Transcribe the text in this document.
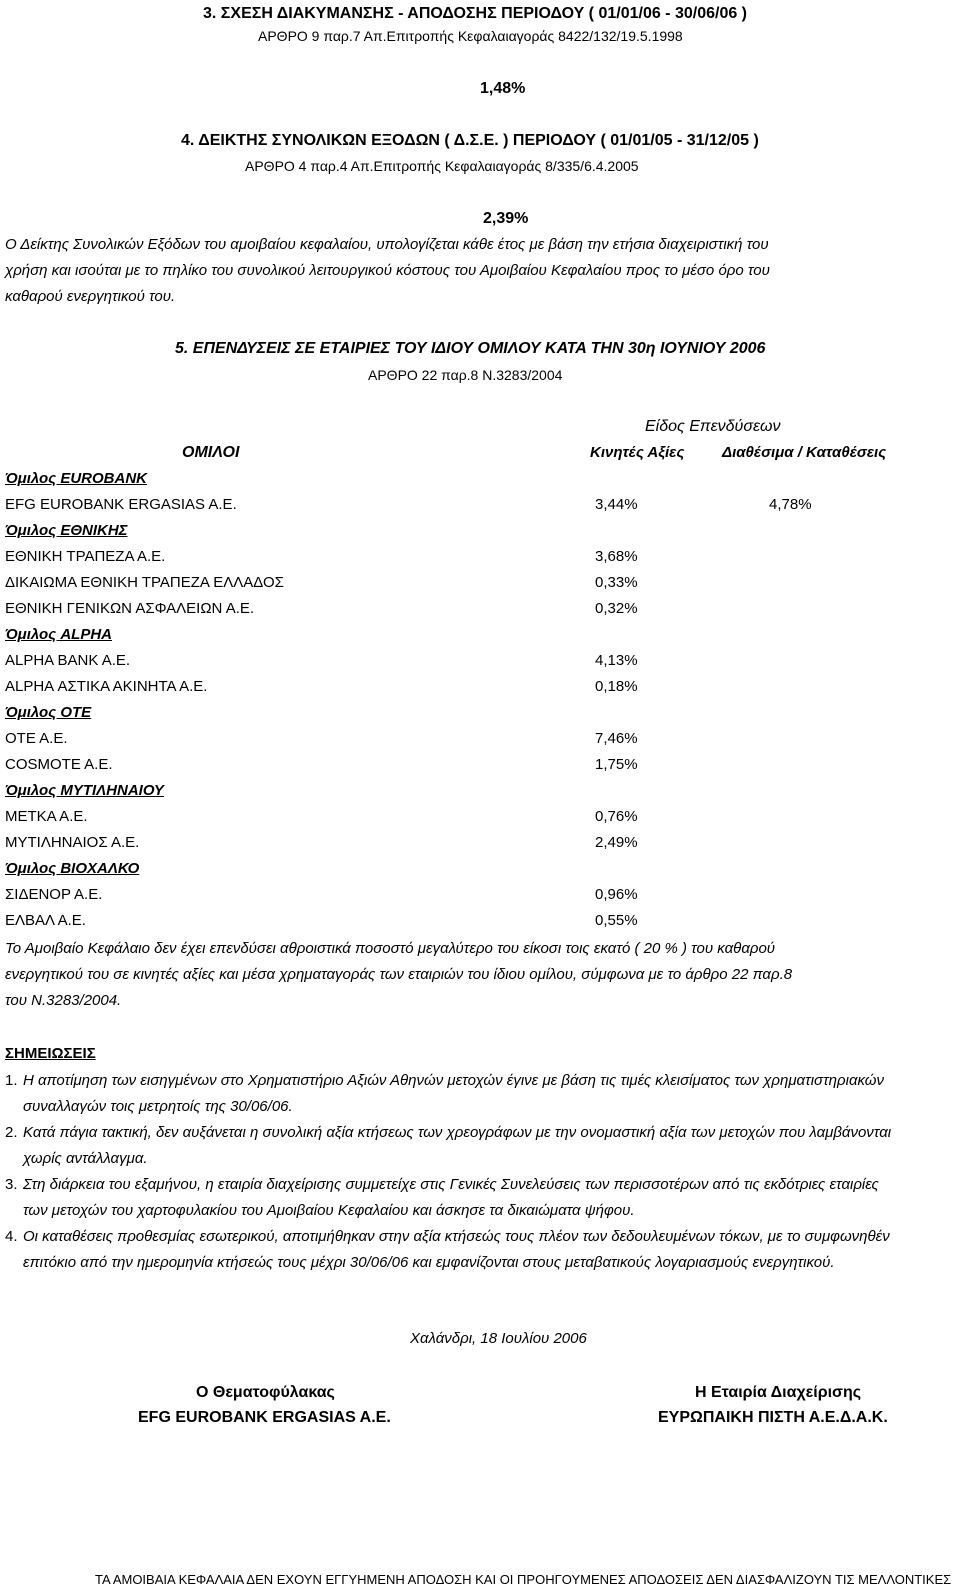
3. ΣΧΕΣΗ ΔΙΑΚΥΜΑΝΣΗΣ - ΑΠΟΔΟΣΗΣ ΠΕΡΙΟΔΟΥ ( 01/01/06 - 30/06/06 )
ΑΡΘΡΟ 9 παρ.7 Απ.Επιτροπής Κεφαλαιαγοράς 8422/132/19.5.1998
1,48%
4. ΔΕΙΚΤΗΣ ΣΥΝΟΛΙΚΩΝ ΕΞΟΔΩΝ ( Δ.Σ.Ε. ) ΠΕΡΙΟΔΟΥ ( 01/01/05 - 31/12/05 )
ΑΡΘΡΟ 4 παρ.4 Απ.Επιτροπής Κεφαλαιαγοράς 8/335/6.4.2005
2,39%
Ο Δείκτης Συνολικών Εξόδων του αμοιβαίου κεφαλαίου, υπολογίζεται κάθε έτος με βάση την ετήσια διαχειριστική του χρήση και ισούται με το πηλίκο του συνολικού λειτουργικού κόστους του Αμοιβαίου Κεφαλαίου προς το μέσο όρο του καθαρού ενεργητικού του.
5. ΕΠΕΝΔΥΣΕΙΣ ΣΕ ΕΤΑΙΡΙΕΣ ΤΟΥ ΙΔΙΟΥ ΟΜΙΛΟΥ ΚΑΤΑ ΤΗΝ 30η ΙΟΥΝΙΟΥ 2006
ΑΡΘΡΟ 22 παρ.8 Ν.3283/2004
Είδος Επενδύσεων
ΟΜΙΛΟΙ	Κινητές Αξίες	Διαθέσιμα / Καταθέσεις
Όμιλος EUROBANK
EFG EUROBANK ERGASIAS A.E.	3,44%	4,78%
Όμιλος ΕΘΝΙΚΗΣ
ΕΘΝΙΚΗ ΤΡΑΠΕΖΑ Α.Ε.	3,68%
ΔΙΚΑΙΩΜΑ ΕΘΝΙΚΗ ΤΡΑΠΕΖΑ ΕΛΛΑΔΟΣ	0,33%
ΕΘΝΙΚΗ ΓΕΝΙΚΩΝ ΑΣΦΑΛΕΙΩΝ Α.Ε.	0,32%
Όμιλος ALPHA
ALPHA BANK A.E.	4,13%
ALPHA ΑΣΤΙΚΑ ΑΚΙΝΗΤΑ Α.Ε.	0,18%
Όμιλος ΟΤΕ
ΟΤΕ Α.Ε.	7,46%
COSMOTE A.E.	1,75%
Όμιλος ΜΥΤΙΛΗΝΑΙΟΥ
ΜΕΤΚΑ Α.Ε.	0,76%
ΜΥΤΙΛΗΝΑΙΟΣ Α.Ε.	2,49%
Όμιλος ΒΙΟΧΑΛΚΟ
ΣΙΔΕΝΟΡ Α.Ε.	0,96%
ΕΛΒΑΛ Α.Ε.	0,55%
Το Αμοιβαίο Κεφάλαιο δεν έχει επενδύσει αθροιστικά ποσοστό μεγαλύτερο του είκοσι τοις εκατό ( 20 % ) του καθαρού ενεργητικού του σε κινητές αξίες και μέσα χρηματαγοράς των εταιριών του ίδιου ομίλου, σύμφωνα με το άρθρο 22 παρ.8 του Ν.3283/2004.
ΣΗΜΕΙΩΣΕΙΣ
1. Η αποτίμηση των εισηγμένων στο Χρηματιστήριο Αξιών Αθηνών μετοχών έγινε με βάση τις τιμές κλεισίματος των χρηματιστηριακών συναλλαγών τοις μετρητοίς της 30/06/06.
2. Κατά πάγια τακτική, δεν αυξάνεται η συνολική αξία κτήσεως των χρεογράφων με την ονομαστική αξία των μετοχών που λαμβάνονται χωρίς αντάλλαγμα.
3. Στη διάρκεια του εξαμήνου, η εταιρία διαχείρισης συμμετείχε στις Γενικές Συνελεύσεις των περισσοτέρων από τις εκδότριες εταιρίες των μετοχών του χαρτοφυλακίου του Αμοιβαίου Κεφαλαίου και άσκησε τα δικαιώματα ψήφου.
4. Οι καταθέσεις προθεσμίας εσωτερικού, αποτιμήθηκαν στην αξία κτήσεώς τους πλέον των δεδουλευμένων τόκων, με το συμφωνηθέν επιτόκιο από την ημερομηνία κτήσεώς τους μέχρι 30/06/06 και εμφανίζονται στους μεταβατικούς λογαριασμούς ενεργητικού.
Χαλάνδρι, 18 Ιουλίου 2006
Ο Θεματοφύλακας
EFG EUROBANK ERGASIAS A.E.
Η Εταιρία Διαχείρισης
ΕΥΡΩΠΑΙΚΗ ΠΙΣΤΗ Α.Ε.Δ.Α.Κ.
ΤΑ ΑΜΟΙΒΑΙΑ ΚΕΦΑΛΑΙΑ ΔΕΝ ΕΧΟΥΝ ΕΓΓΥΗΜΕΝΗ ΑΠΟΔΟΣΗ ΚΑΙ ΟΙ ΠΡΟΗΓΟΥΜΕΝΕΣ ΑΠΟΔΟΣΕΙΣ ΔΕΝ ΔΙΑΣΦΑΛΙΖΟΥΝ ΤΙΣ ΜΕΛΛΟΝΤΙΚΕΣ
